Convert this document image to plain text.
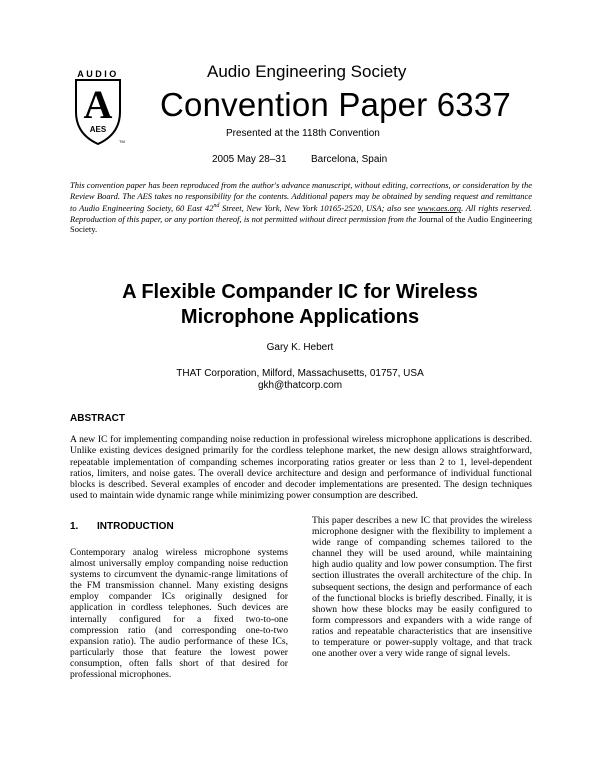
AUDIO
A
AES
TM
Audio Engineering Society
Convention Paper 6337
Presented at the 118th Convention
2005 May 28–31 Barcelona, Spain
This convention paper has been reproduced from the author's advance manuscript, without editing, corrections, or consideration by the Review Board. The AES takes no responsibility for the contents. Additional papers may be obtained by sending request and remittance to Audio Engineering Society, 60 East 42nd Street, New York, New York 10165-2520, USA; also see www.aes.org. All rights reserved. Reproduction of this paper, or any portion thereof, is not permitted without direct permission from the Journal of the Audio Engineering Society.
A Flexible Compander IC for Wireless
Microphone Applications
Gary K. Hebert
THAT Corporation, Milford, Massachusetts, 01757, USA
gkh@thatcorp.com
ABSTRACT
A new IC for implementing companding noise reduction in professional wireless microphone applications is described. Unlike existing devices designed primarily for the cordless telephone market, the new design allows straightforward, repeatable implementation of companding schemes incorporating ratios greater or less than 2 to 1, level-dependent ratios, limiters, and noise gates. The overall device architecture and design and performance of individual functional blocks is described. Several examples of encoder and decoder implementations are presented. The design techniques used to maintain wide dynamic range while minimizing power consumption are described.
1. INTRODUCTION
Contemporary analog wireless microphone systems almost universally employ companding noise reduction systems to circumvent the dynamic-range limitations of the FM transmission channel. Many existing designs employ compander ICs originally designed for application in cordless telephones. Such devices are internally configured for a fixed two-to-one compression ratio (and corresponding one-to-two expansion ratio). The audio performance of these ICs, particularly those that feature the lowest power consumption, often falls short of that desired for professional microphones.
This paper describes a new IC that provides the wireless microphone designer with the flexibility to implement a wide range of companding schemes tailored to the channel they will be used around, while maintaining high audio quality and low power consumption. The first section illustrates the overall architecture of the chip. In subsequent sections, the design and performance of each of the functional blocks is briefly described. Finally, it is shown how these blocks may be easily configured to form compressors and expanders with a wide range of ratios and repeatable characteristics that are insensitive to temperature or power-supply voltage, and that track one another over a very wide range of signal levels.
